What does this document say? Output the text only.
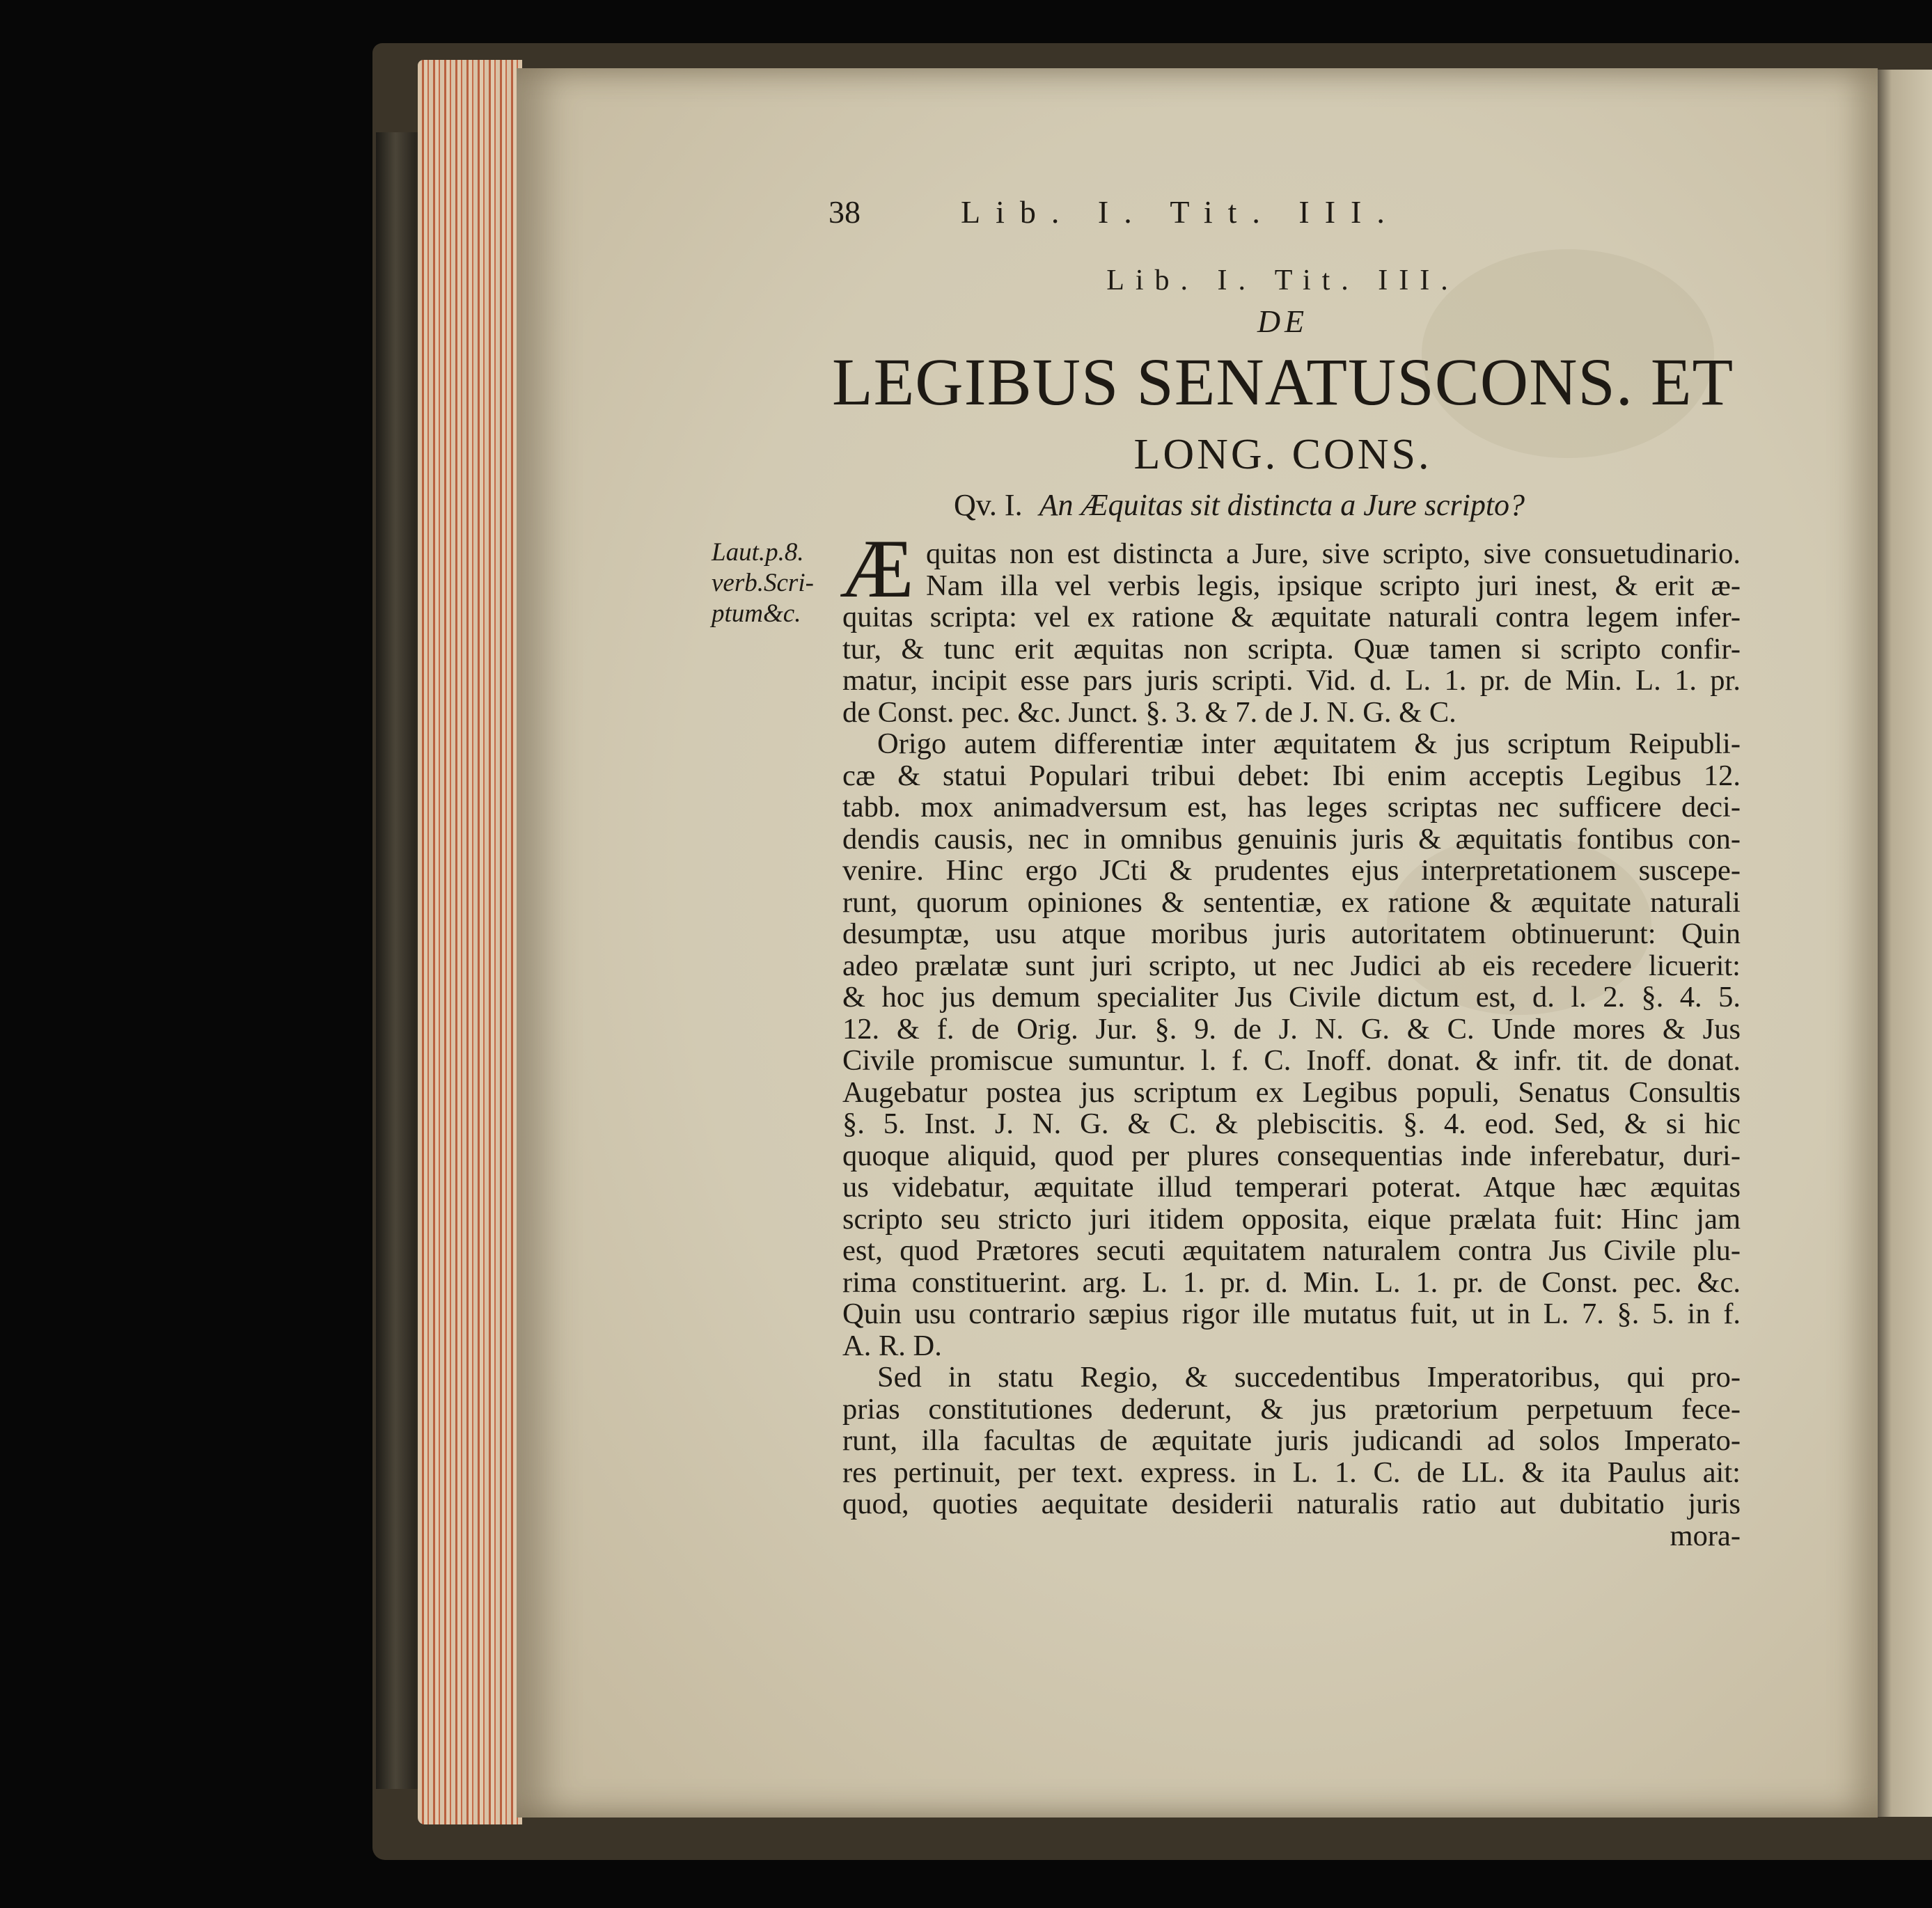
38	Lib. I. Tit. III.
Lib. I. Tit. III.
DE
LEGIBUS SENATUSCONS. ET
LONG. CONS.
Qv. I. An Æquitas sit distincta a Jure scripto?
Laut.p.8.
verb.Scri-
ptum&c. Æ quitas non est distincta a Jure, sive scripto, sive consuetudinario.
Nam illa vel verbis legis, ipsique scripto juri inest, & erit æ-
quitas scripta: vel ex ratione & æquitate naturali contra legem infer-
tur, & tunc erit æquitas non scripta. Quæ tamen si scripto confir-
matur, incipit esse pars juris scripti. Vid. d. L. 1. pr. de Min. L. 1. pr.
de Const. pec. &c. Junct. §. 3. & 7. de J. N. G. & C.
Origo autem differentiæ inter æquitatem & jus scriptum Reipubli-
cæ & statui Populari tribui debet: Ibi enim acceptis Legibus 12.
tabb. mox animadversum est, has leges scriptas nec sufficere deci-
dendis causis, nec in omnibus genuinis juris & æquitatis fontibus con-
venire. Hinc ergo JCti & prudentes ejus interpretationem suscepe-
runt, quorum opiniones & sententiæ, ex ratione & æquitate naturali
desumptæ, usu atque moribus juris autoritatem obtinuerunt: Quin
adeo prælatæ sunt juri scripto, ut nec Judici ab eis recedere licuerit:
& hoc jus demum specialiter Jus Civile dictum est, d. l. 2. §. 4. 5.
12. & f. de Orig. Jur. §. 9. de J. N. G. & C. Unde mores & Jus
Civile promiscue sumuntur. l. f. C. Inoff. donat. & infr. tit. de donat.
Augebatur postea jus scriptum ex Legibus populi, Senatus Consultis
§. 5. Inst. J. N. G. & C. & plebiscitis. §. 4. eod. Sed, & si hic
quoque aliquid, quod per plures consequentias inde inferebatur, duri-
us videbatur, æquitate illud temperari poterat. Atque hæc æquitas
scripto seu stricto juri itidem opposita, eique prælata fuit: Hinc jam
est, quod Prætores secuti æquitatem naturalem contra Jus Civile plu-
rima constituerint. arg. L. 1. pr. d. Min. L. 1. pr. de Const. pec. &c.
Quin usu contrario sæpius rigor ille mutatus fuit, ut in L. 7. §. 5. in f.
A. R. D.
Sed in statu Regio, & succedentibus Imperatoribus, qui pro-
prias constitutiones dederunt, & jus prætorium perpetuum fece-
runt, illa facultas de æquitate juris judicandi ad solos Imperato-
res pertinuit, per text. express. in L. 1. C. de LL. & ita Paulus ait:
quod, quoties aequitate desiderii naturalis ratio aut dubitatio juris
mora-
